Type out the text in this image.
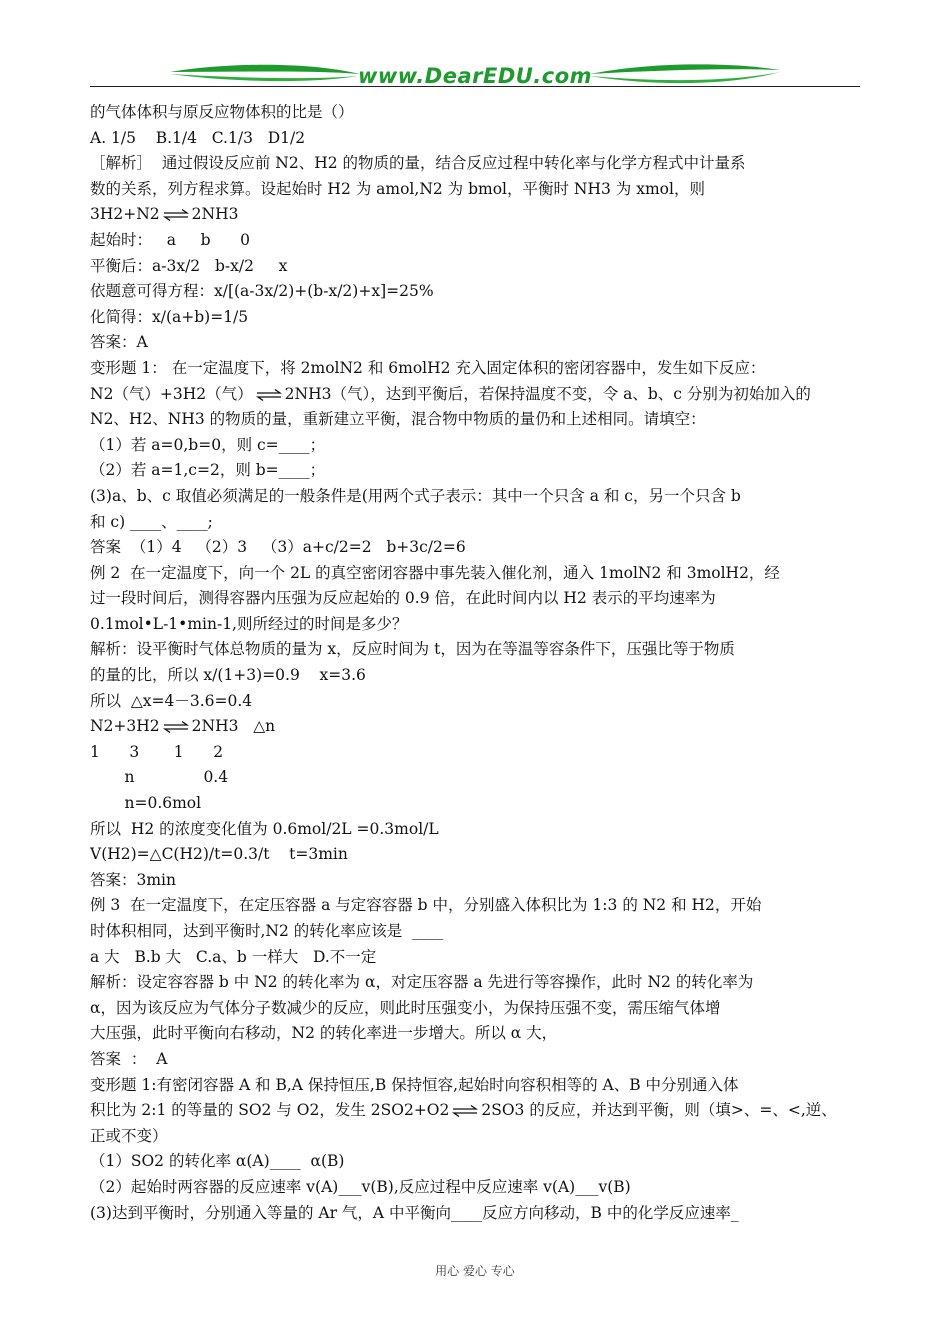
www.DearEDU.com
的气体体积与原反应物体积的比是（）
A. 1/5    B.1/4   C.1/3   D1/2
［解析］  通过假设反应前 N2、H2 的物质的量，结合反应过程中转化率与化学方程式中计量系
数的关系，列方程求算。设起始时 H2 为 amol,N2 为 bmol，平衡时 NH3 为 xmol，则
3H2+N2 ⇌ 2NH3
起始时：   a     b      0
平衡后：a-3x/2   b-x/2     x
依题意可得方程：x/[(a-3x/2)+(b-x/2)+x]=25%
化简得：x/(a+b)=1/5
答案：A
变形题 1： 在一定温度下，将 2molN2 和 6molH2 充入固定体积的密闭容器中，发生如下反应：
N2（气）+3H2（气） ⇌ 2NH3（气），达到平衡后，若保持温度不变，令 a、b、c 分别为初始加入的
N2、H2、NH3 的物质的量，重新建立平衡，混合物中物质的量仍和上述相同。请填空：
（1）若 a=0,b=0，则 c=____；
（2）若 a=1,c=2，则 b=____；
(3)a、b、c 取值必须满足的一般条件是(用两个式子表示：其中一个只含 a 和 c，另一个只含 b
和 c) ____、____;
答案  （1）4   （2）3   （3）a+c/2=2   b+3c/2=6
例 2  在一定温度下，向一个 2L 的真空密闭容器中事先装入催化剂，通入 1molN2 和 3molH2，经
过一段时间后，测得容器内压强为反应起始的 0.9 倍，在此时间内以 H2 表示的平均速率为
0.1mol•L-1•min-1,则所经过的时间是多少？
解析：设平衡时气体总物质的量为 x，反应时间为 t，因为在等温等容条件下，压强比等于物质
的量的比，所以 x/(1+3)=0.9    x=3.6
所以  △x=4－3.6=0.4
N2+3H2 ⇌ 2NH3   △n
1      3       1      2
n              0.4
n=0.6mol
所以  H2 的浓度变化值为 0.6mol/2L =0.3mol/L
V(H2)=△C(H2)/t=0.3/t    t=3min
答案：3min
例 3  在一定温度下，在定压容器 a 与定容容器 b 中，分别盛入体积比为 1:3 的 N2 和 H2，开始
时体积相同，达到平衡时,N2 的转化率应该是  ____
a 大   B.b 大   C.a、b 一样大   D.不一定
解析：设定容容器 b 中 N2 的转化率为 α，对定压容器 a 先进行等容操作，此时 N2 的转化率为
α，因为该反应为气体分子数减少的反应，则此时压强变小，为保持压强不变，需压缩气体增
大压强，此时平衡向右移动，N2 的转化率进一步增大。所以 α 大，
答案  ：  A
变形题 1:有密闭容器 A 和 B,A 保持恒压,B 保持恒容,起始时向容积相等的 A、B 中分别通入体
积比为 2:1 的等量的 SO2 与 O2，发生 2SO2+O2 ⇌ 2SO3 的反应，并达到平衡，则（填>、=、<,逆、
正或不变）
（1）SO2 的转化率 α(A)____  α(B)
（2）起始时两容器的反应速率 v(A)___v(B),反应过程中反应速率 v(A)___v(B)
(3)达到平衡时，分别通入等量的 Ar 气，A 中平衡向____反应方向移动，B 中的化学反应速率_
用心 爱心 专心
